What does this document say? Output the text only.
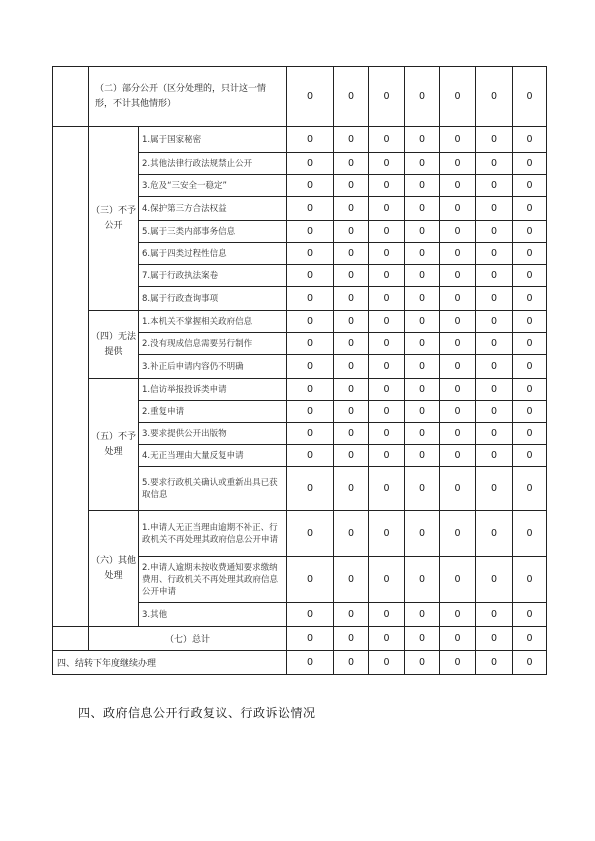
	（二）部分公开（区分处理的，只计这一情形，不计其他情形）		0	0	0	0	0	0	0
	（三）不予公开	1.属于国家秘密	0	0	0	0	0	0	0
		2.其他法律行政法规禁止公开	0	0	0	0	0	0	0
		3.危及“三安全一稳定”	0	0	0	0	0	0	0
		4.保护第三方合法权益	0	0	0	0	0	0	0
		5.属于三类内部事务信息	0	0	0	0	0	0	0
		6.属于四类过程性信息	0	0	0	0	0	0	0
		7.属于行政执法案卷	0	0	0	0	0	0	0
		8.属于行政查询事项	0	0	0	0	0	0	0
	（四）无法提供	1.本机关不掌握相关政府信息	0	0	0	0	0	0	0
		2.没有现成信息需要另行制作	0	0	0	0	0	0	0
		3.补正后申请内容仍不明确	0	0	0	0	0	0	0
	（五）不予处理	1.信访举报投诉类申请	0	0	0	0	0	0	0
		2.重复申请	0	0	0	0	0	0	0
		3.要求提供公开出版物	0	0	0	0	0	0	0
		4.无正当理由大量反复申请	0	0	0	0	0	0	0
		5.要求行政机关确认或重新出具已获取信息	0	0	0	0	0	0	0
	（六）其他处理	1.申请人无正当理由逾期不补正、行政机关不再处理其政府信息公开申请	0	0	0	0	0	0	0
		2.申请人逾期未按收费通知要求缴纳费用、行政机关不再处理其政府信息公开申请	0	0	0	0	0	0	0
		3.其他	0	0	0	0	0	0	0
	（七）总计		0	0	0	0	0	0	0
四、结转下年度继续办理			0	0	0	0	0	0	0
四、政府信息公开行政复议、行政诉讼情况
